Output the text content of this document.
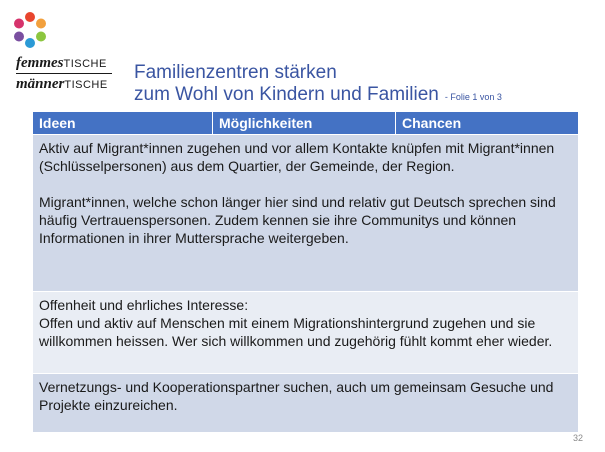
femmesTISCHE
männerTISCHE
Familienzentren stärken
zum Wohl von Kindern und Familien - Folie 1 von 3
Ideen	Möglichkeiten	Chancen

Aktiv auf Migrant*innen zugehen und vor allem Kontakte knüpfen mit Migrant*innen (Schlüsselpersonen) aus dem Quartier, der Gemeinde, der Region.

Migrant*innen, welche schon länger hier sind und relativ gut Deutsch sprechen sind häufig Vertrauenspersonen. Zudem kennen sie ihre Communitys und können Informationen in ihrer Muttersprache weitergeben.

Offenheit und ehrliches Interesse:
Offen und aktiv auf Menschen mit einem Migrationshintergrund zugehen und sie willkommen heissen. Wer sich willkommen und zugehörig fühlt kommt eher wieder.

Vernetzungs- und Kooperationspartner suchen, auch um gemeinsam Gesuche und Projekte einzureichen.

32
